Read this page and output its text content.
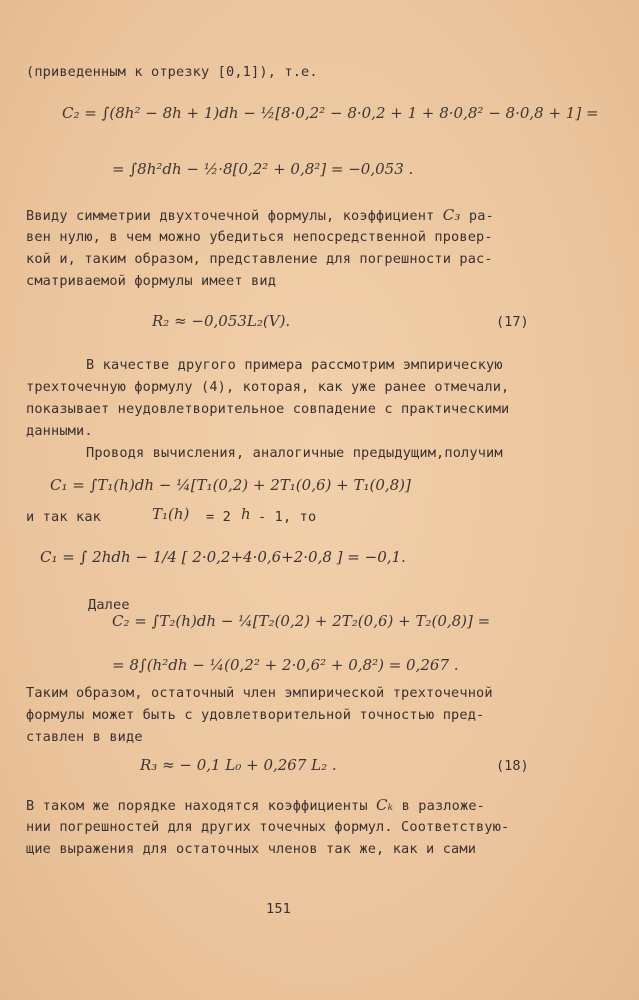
(приведенным к отрезку [0,1]), т.е.
C₂ = ∫(8h² − 8h + 1)dh − ½[8·0,2² − 8·0,2 + 1 + 8·0,8² − 8·0,8 + 1] =
= ∫8h²dh − ½·8[0,2² + 0,8²] = −0,053 .
Ввиду симметрии двухточечной формулы, коэффициент C₃ ра-
вен нулю, в чем можно убедиться непосредственной провер-
кой и, таким образом, представление для погрешности рас-
сматриваемой формулы имеет вид
R₂ ≈ −0,053L₂(V).	(17)
В качестве другого примера рассмотрим эмпирическую
трехточечную формулу (4), которая, как уже ранее отмечали,
показывает неудовлетворительное совпадение с практическими
данными.
Проводя вычисления, аналогичные предыдущим,получим
C₁ = ∫T₁(h)dh − ¼[T₁(0,2) + 2T₁(0,6) + T₁(0,8)]
и так как	T₁(h) = 2 h - 1, то
C₁ = ∫ 2hdh − 1/4 [ 2·0,2+4·0,6+2·0,8 ] = −0,1.
Далее
C₂ = ∫T₂(h)dh − ¼[T₂(0,2) + 2T₂(0,6) + T₂(0,8)] =
= 8∫(h²dh − ¼(0,2² + 2·0,6² + 0,8²) = 0,267 .
Таким образом, остаточный член эмпирической трехточечной
формулы может быть с удовлетворительной точностью пред-
ставлен в виде
R₃ ≈ − 0,1 L₀ + 0,267 L₂ .	(18)
В таком же порядке находятся коэффициенты Cₖ в разложе-
нии погрешностей для других точечных формул. Соответствую-
щие выражения для остаточных членов так же, как и сами
151
